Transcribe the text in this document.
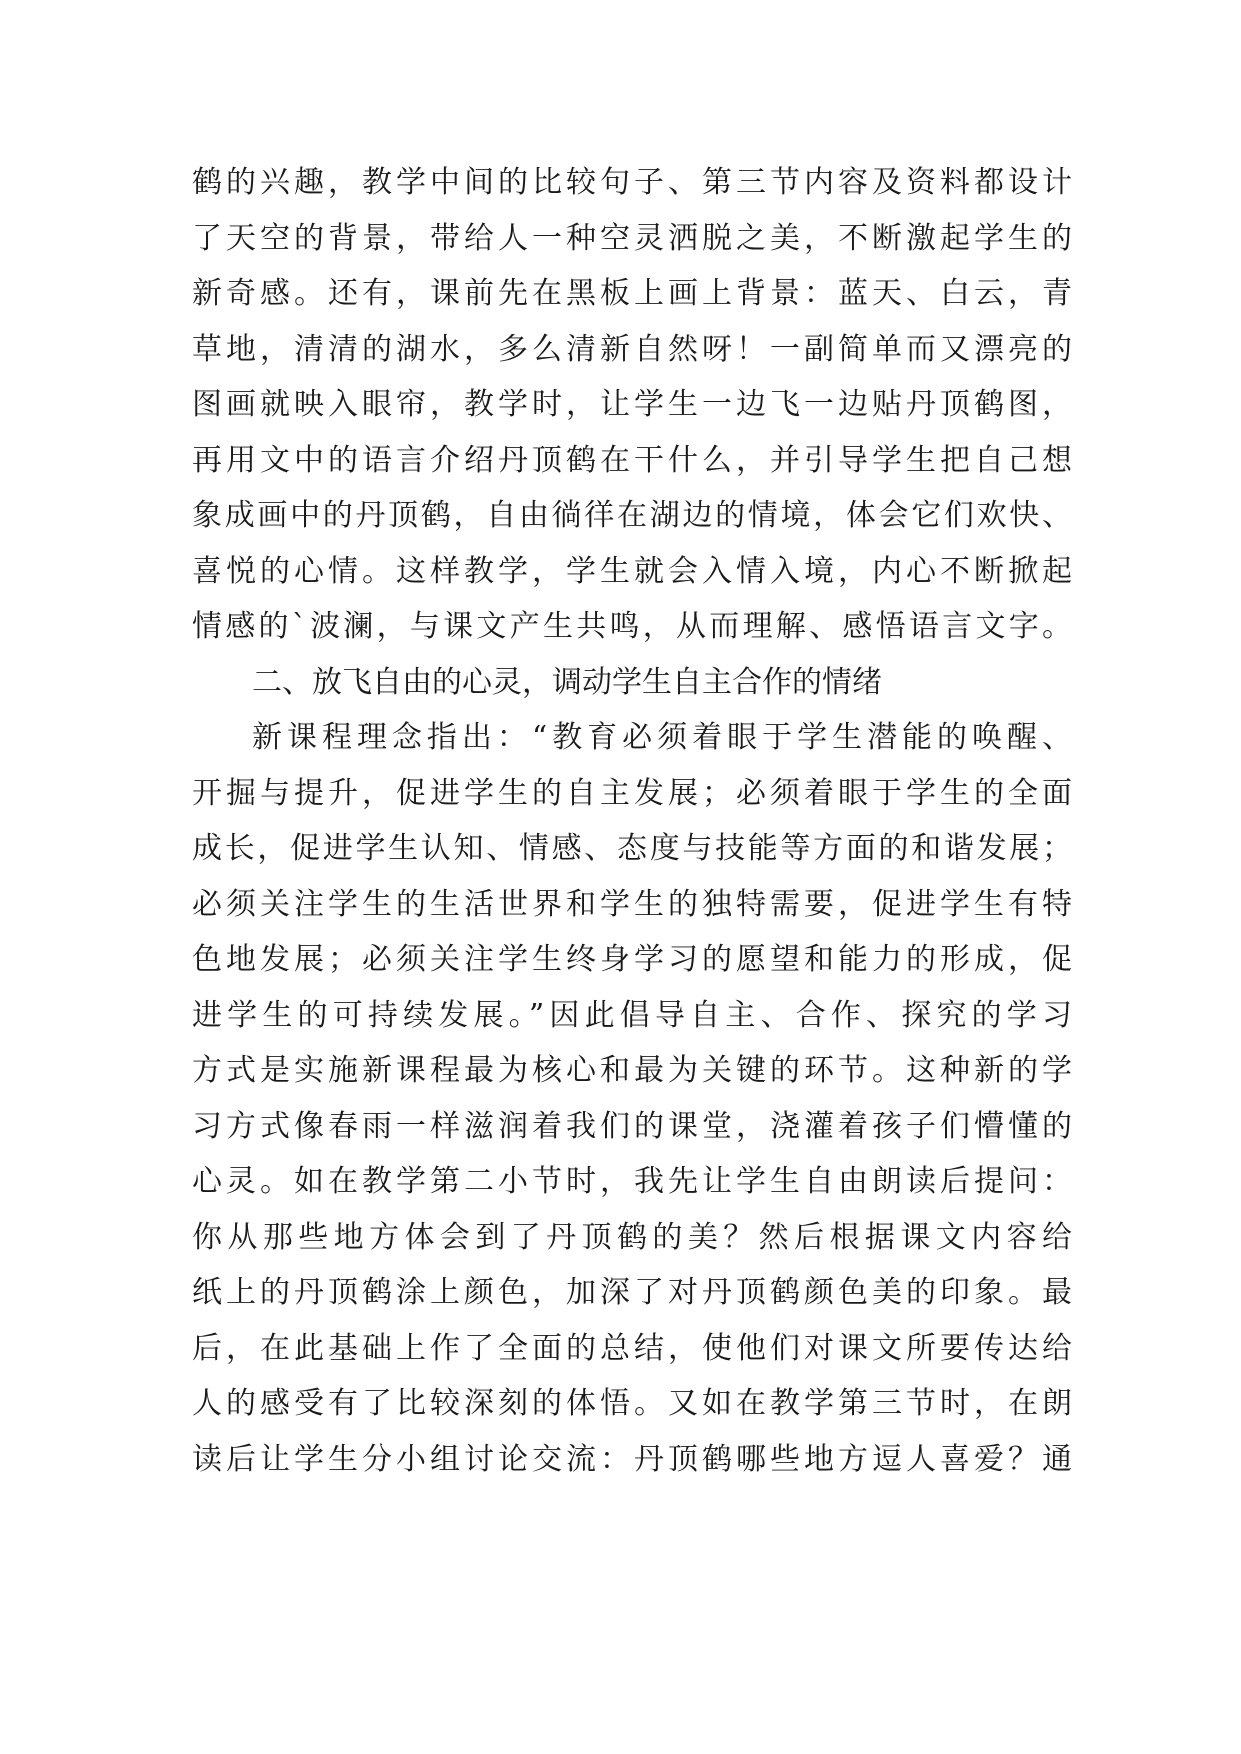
鹤的兴趣，教学中间的比较句子、第三节内容及资料都设计
了天空的背景，带给人一种空灵洒脱之美，不断激起学生的
新奇感。还有，课前先在黑板上画上背景：蓝天、白云，青
草地，清清的湖水，多么清新自然呀！一副简单而又漂亮的
图画就映入眼帘，教学时，让学生一边飞一边贴丹顶鹤图，
再用文中的语言介绍丹顶鹤在干什么，并引导学生把自己想
象成画中的丹顶鹤，自由徜徉在湖边的情境，体会它们欢快、
喜悦的心情。这样教学，学生就会入情入境，内心不断掀起
情感的`波澜，与课文产生共鸣，从而理解、感悟语言文字。
二、放飞自由的心灵，调动学生自主合作的情绪
新课程理念指出：“教育必须着眼于学生潜能的唤醒、
开掘与提升，促进学生的自主发展；必须着眼于学生的全面
成长，促进学生认知、情感、态度与技能等方面的和谐发展；
必须关注学生的生活世界和学生的独特需要，促进学生有特
色地发展；必须关注学生终身学习的愿望和能力的形成，促
进学生的可持续发展。”因此倡导自主、合作、探究的学习
方式是实施新课程最为核心和最为关键的环节。这种新的学
习方式像春雨一样滋润着我们的课堂，浇灌着孩子们懵懂的
心灵。如在教学第二小节时，我先让学生自由朗读后提问：
你从那些地方体会到了丹顶鹤的美？然后根据课文内容给
纸上的丹顶鹤涂上颜色，加深了对丹顶鹤颜色美的印象。最
后，在此基础上作了全面的总结，使他们对课文所要传达给
人的感受有了比较深刻的体悟。又如在教学第三节时，在朗
读后让学生分小组讨论交流：丹顶鹤哪些地方逗人喜爱？通
